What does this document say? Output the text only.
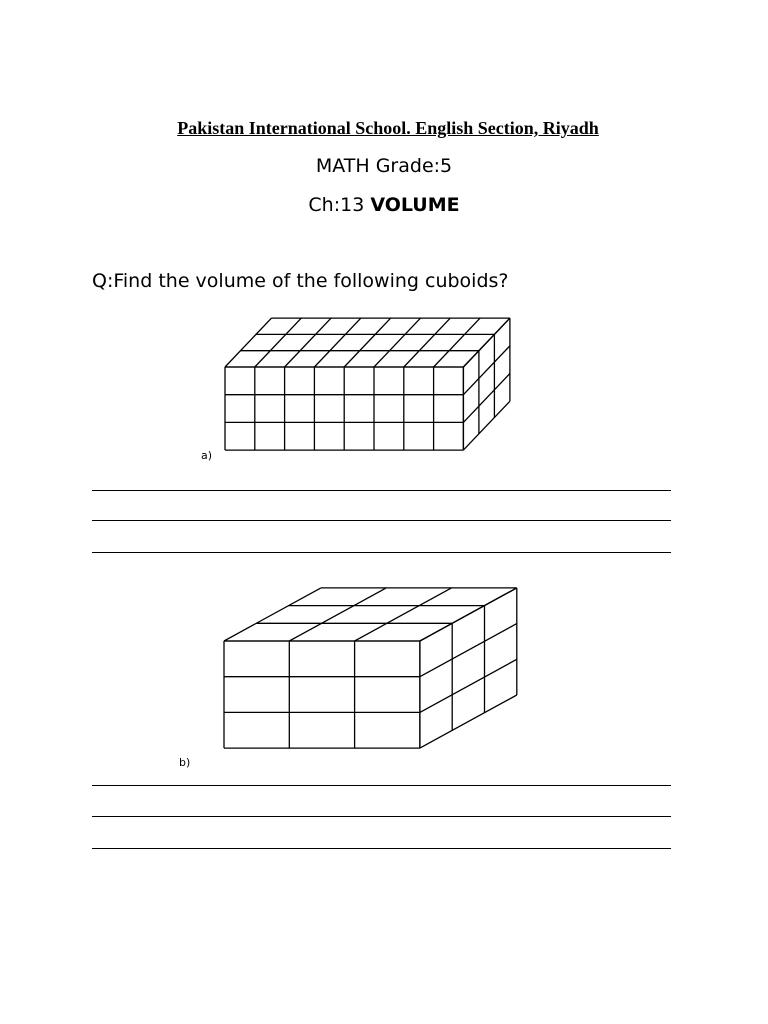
Pakistan International School. English Section, Riyadh
MATH Grade:5
Ch:13 VOLUME
Q:Find the volume of the following cuboids?
a)
b)
